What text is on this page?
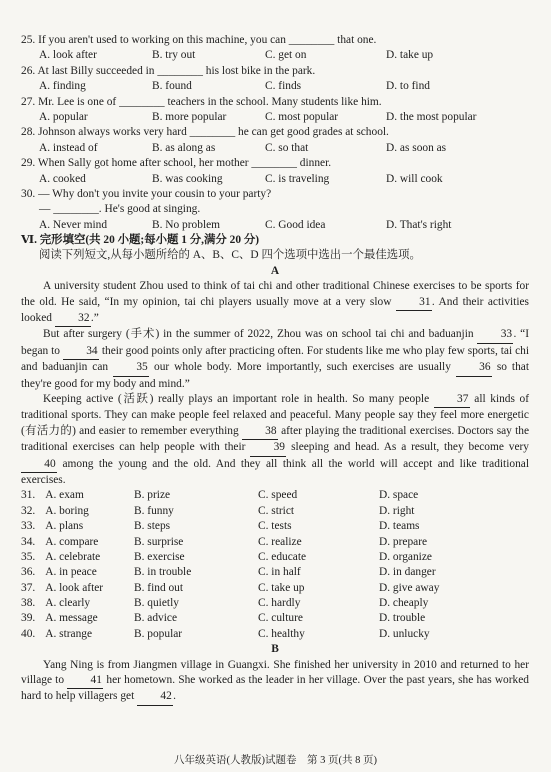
25. If you aren't used to working on this machine, you can ________ that one.

A. look after	B. try out	C. get on	D. take up

26. At last Billy succeeded in ________ his lost bike in the park.

A. finding	B. found	C. finds	D. to find

27. Mr. Lee is one of ________ teachers in the school. Many students like him.

A. popular	B. more popular	C. most popular	D. the most popular

28. Johnson always works very hard ________ he can get good grades at school.

A. instead of	B. as along as	C. so that	D. as soon as

29. When Sally got home after school, her mother ________ dinner.

A. cooked	B. was cooking	C. is traveling	D. will cook

30. — Why don't you invite your cousin to your party?

— ________. He's good at singing.

A. Never mind	B. No problem	C. Good idea	D. That's right

Ⅵ. 完形填空(共 20 小题;每小题 1 分,满分 20 分)

阅读下列短文,从每小题所给的 A、B、C、D 四个选项中选出一个最佳选项。

A

A university student Zhou used to think of tai chi and other traditional Chinese exercises to be sports for the old. He said, “In my opinion, tai chi players usually move at a very slow 31. And their activities looked 32.”

But after surgery (手术) in the summer of 2022, Zhou was on school tai chi and baduanjin 33. “I began to 34 their good points only after practicing often. For students like me who play few sports, tai chi and baduanjin can 35 our whole body. More importantly, such exercises are usually 36 so that they're good for my body and mind.”

Keeping active (活跃) really plays an important role in health. So many people 37 all kinds of traditional sports. They can make people feel relaxed and peaceful. Many people say they feel more energetic (有活力的) and easier to remember everything 38 after playing the traditional exercises. Doctors say the traditional exercises can help people with their 39 sleeping and head. As a result, they become very 40 among the young and the old. And they all think all the world will accept and like traditional exercises.

31. A. exam	B. prize	C. speed	D. space
32. A. boring	B. funny	C. strict	D. right
33. A. plans	B. steps	C. tests	D. teams
34. A. compare	B. surprise	C. realize	D. prepare
35. A. celebrate	B. exercise	C. educate	D. organize
36. A. in peace	B. in trouble	C. in half	D. in danger
37. A. look after	B. find out	C. take up	D. give away
38. A. clearly	B. quietly	C. hardly	D. cheaply
39. A. message	B. advice	C. culture	D. trouble
40. A. strange	B. popular	C. healthy	D. unlucky

B

Yang Ning is from Jiangmen village in Guangxi. She finished her university in 2010 and returned to her village to 41 her hometown. She worked as the leader in her village. Over the past years, she has worked hard to help villagers get 42.

八年级英语(人教版)试题卷　第 3 页(共 8 页)
